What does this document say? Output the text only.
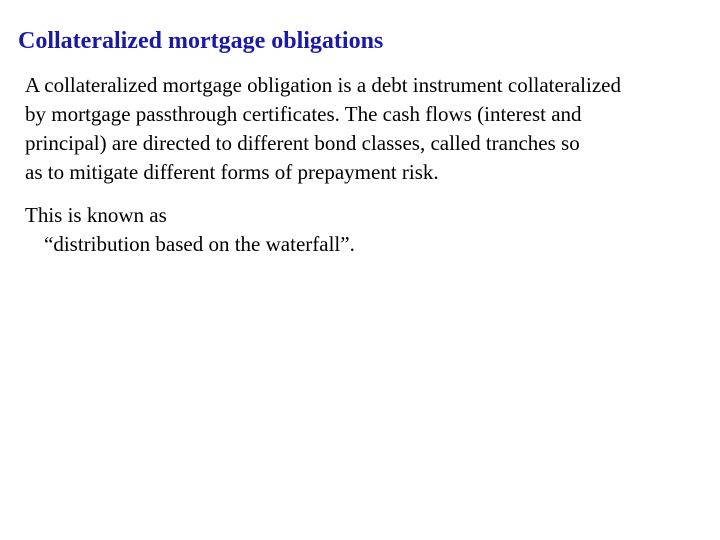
Collateralized mortgage obligations
A collateralized mortgage obligation is a debt instrument collateralized
by mortgage passthrough certificates. The cash flows (interest and
principal) are directed to different bond classes, called tranches so
as to mitigate different forms of prepayment risk.
This is known as
“distribution based on the waterfall”.
